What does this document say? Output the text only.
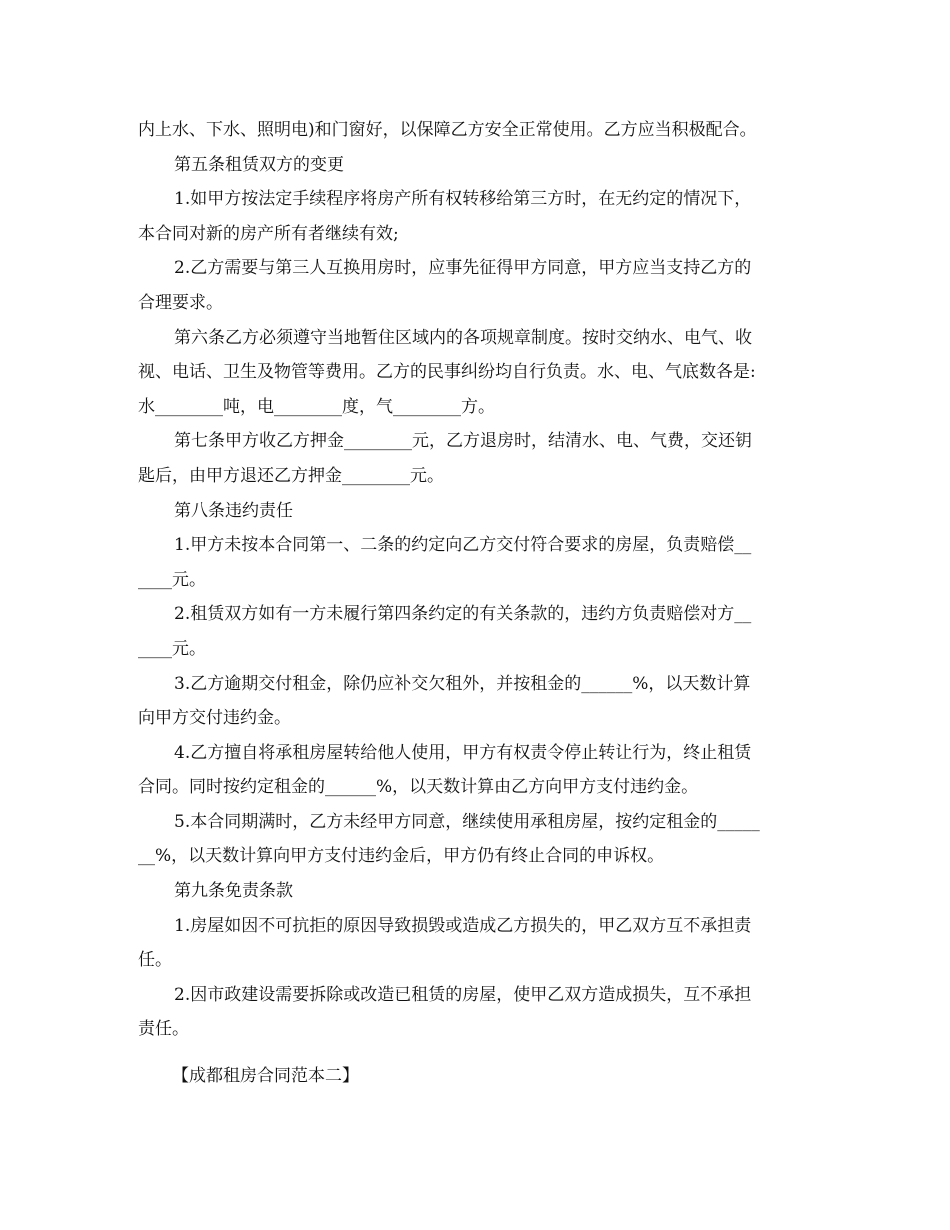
内上水、下水、照明电)和门窗好，以保障乙方安全正常使用。乙方应当积极配合。
第五条租赁双方的变更
1.如甲方按法定手续程序将房产所有权转移给第三方时，在无约定的情况下，
本合同对新的房产所有者继续有效;
2.乙方需要与第三人互换用房时，应事先征得甲方同意，甲方应当支持乙方的
合理要求。
第六条乙方必须遵守当地暂住区域内的各项规章制度。按时交纳水、电气、收
视、电话、卫生及物管等费用。乙方的民事纠纷均自行负责。水、电、气底数各是:
水________吨，电________度，气________方。
第七条甲方收乙方押金________元，乙方退房时，结清水、电、气费，交还钥
匙后，由甲方退还乙方押金________元。
第八条违约责任
1.甲方未按本合同第一、二条的约定向乙方交付符合要求的房屋，负责赔偿__
____元。
2.租赁双方如有一方未履行第四条约定的有关条款的，违约方负责赔偿对方__
____元。
3.乙方逾期交付租金，除仍应补交欠租外，并按租金的______%，以天数计算
向甲方交付违约金。
4.乙方擅自将承租房屋转给他人使用，甲方有权责令停止转让行为，终止租赁
合同。同时按约定租金的______%，以天数计算由乙方向甲方支付违约金。
5.本合同期满时，乙方未经甲方同意，继续使用承租房屋，按约定租金的_____
__%，以天数计算向甲方支付违约金后，甲方仍有终止合同的申诉权。
第九条免责条款
1.房屋如因不可抗拒的原因导致损毁或造成乙方损失的，甲乙双方互不承担责
任。
2.因市政建设需要拆除或改造已租赁的房屋，使甲乙双方造成损失，互不承担
责任。
【成都租房合同范本二】
